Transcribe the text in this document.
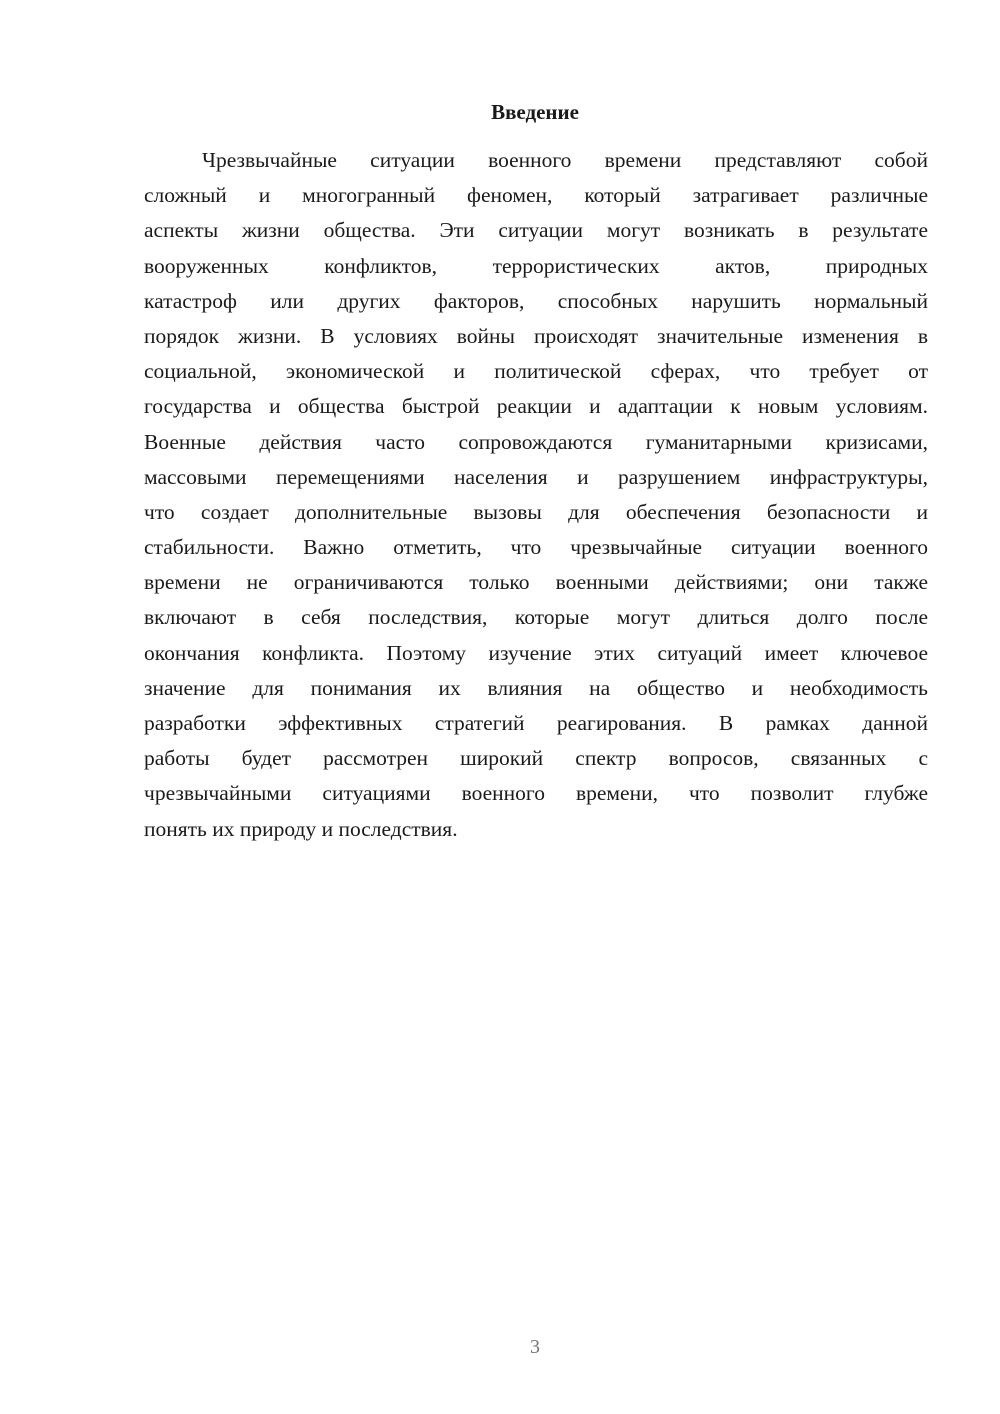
Введение
Чрезвычайные ситуации военного времени представляют собой
сложный и многогранный феномен, который затрагивает различные
аспекты жизни общества. Эти ситуации могут возникать в результате
вооруженных конфликтов, террористических актов, природных
катастроф или других факторов, способных нарушить нормальный
порядок жизни. В условиях войны происходят значительные изменения в
социальной, экономической и политической сферах, что требует от
государства и общества быстрой реакции и адаптации к новым условиям.
Военные действия часто сопровождаются гуманитарными кризисами,
массовыми перемещениями населения и разрушением инфраструктуры,
что создает дополнительные вызовы для обеспечения безопасности и
стабильности. Важно отметить, что чрезвычайные ситуации военного
времени не ограничиваются только военными действиями; они также
включают в себя последствия, которые могут длиться долго после
окончания конфликта. Поэтому изучение этих ситуаций имеет ключевое
значение для понимания их влияния на общество и необходимость
разработки эффективных стратегий реагирования. В рамках данной
работы будет рассмотрен широкий спектр вопросов, связанных с
чрезвычайными ситуациями военного времени, что позволит глубже
понять их природу и последствия.
3
